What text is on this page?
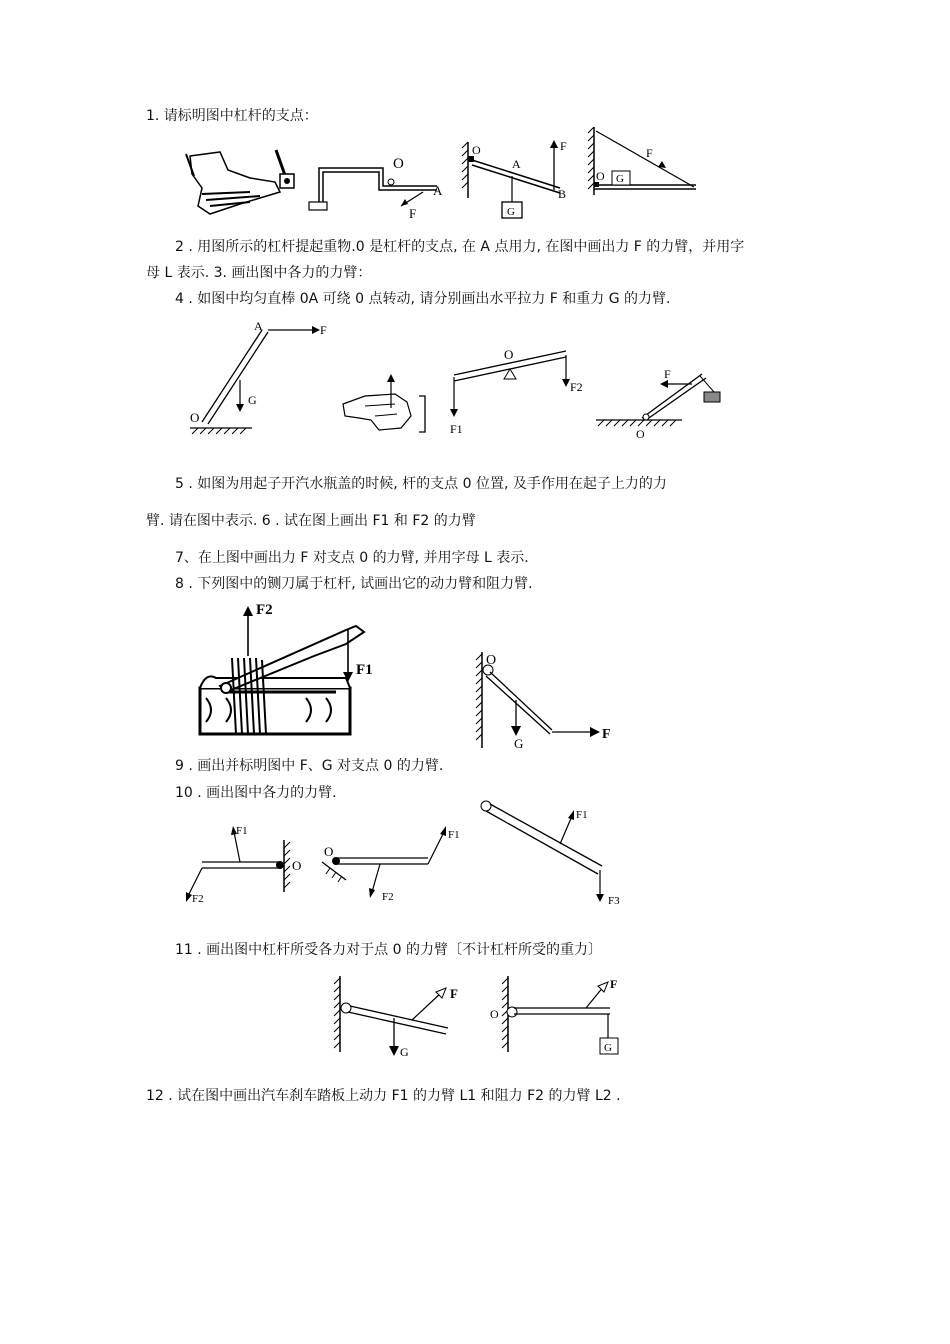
1. 请标明图中杠杆的支点：
2 . 用图所示的杠杆提起重物.0 是杠杆的支点, 在 A 点用力, 在图中画出力 F 的力臂，并用字
母 L 表示. 3. 画出图中各力的力臂：
4 . 如图中均匀直棒 0A 可绕 0 点转动, 请分别画出水平拉力 F 和重力 G 的力臂.
5 . 如图为用起子开汽水瓶盖的时候, 杆的支点 0 位置, 及手作用在起子上力的力
臂. 请在图中表示. 6 . 试在图上画出 F1 和 F2 的力臂
7、在上图中画出力 F 对支点 0 的力臂, 并用字母 L 表示.
8 . 下列图中的铡刀属于杠杆, 试画出它的动力臂和阻力臂.
9 . 画出并标明图中 F、G 对支点 0 的力臂.
10 . 画出图中各力的力臂.
11 . 画出图中杠杆所受各力对于点 0 的力臂〔不计杠杆所受的重力〕
12 . 试在图中画出汽车刹车踏板上动力 F1 的力臂 L1 和阻力 F2 的力臂 L2 .
O
A
F
O
A
G
F
B
O G
F
O
A	F
G
F1
F2
O
O
F
F2
F1
O
F
G
O
F1
F2
F1
O
F2
F1
F3
F
G
O
F
G
